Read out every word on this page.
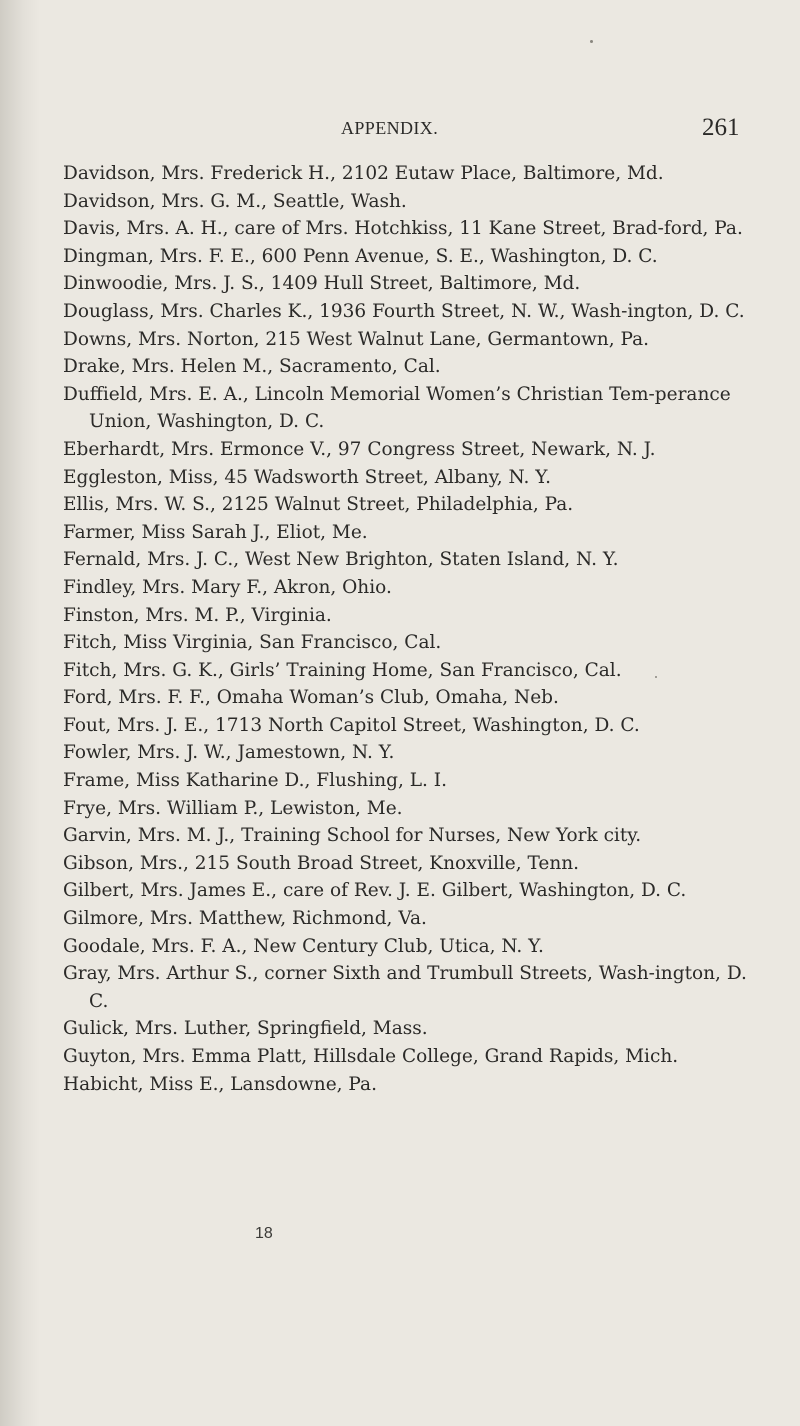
APPENDIX.	261
Davidson, Mrs. Frederick H., 2102 Eutaw Place, Baltimore, Md.
Davidson, Mrs. G. M., Seattle, Wash.
Davis, Mrs. A. H., care of Mrs. Hotchkiss, 11 Kane Street, Brad-ford, Pa.
Dingman, Mrs. F. E., 600 Penn Avenue, S. E., Washington, D. C.
Dinwoodie, Mrs. J. S., 1409 Hull Street, Baltimore, Md.
Douglass, Mrs. Charles K., 1936 Fourth Street, N. W., Wash-ington, D. C.
Downs, Mrs. Norton, 215 West Walnut Lane, Germantown, Pa.
Drake, Mrs. Helen M., Sacramento, Cal.
Duffield, Mrs. E. A., Lincoln Memorial Women’s Christian Tem-perance Union, Washington, D. C.
Eberhardt, Mrs. Ermonce V., 97 Congress Street, Newark, N. J.
Eggleston, Miss, 45 Wadsworth Street, Albany, N. Y.
Ellis, Mrs. W. S., 2125 Walnut Street, Philadelphia, Pa.
Farmer, Miss Sarah J., Eliot, Me.
Fernald, Mrs. J. C., West New Brighton, Staten Island, N. Y.
Findley, Mrs. Mary F., Akron, Ohio.
Finston, Mrs. M. P., Virginia.
Fitch, Miss Virginia, San Francisco, Cal.
Fitch, Mrs. G. K., Girls’ Training Home, San Francisco, Cal.
Ford, Mrs. F. F., Omaha Woman’s Club, Omaha, Neb.
Fout, Mrs. J. E., 1713 North Capitol Street, Washington, D. C.
Fowler, Mrs. J. W., Jamestown, N. Y.
Frame, Miss Katharine D., Flushing, L. I.
Frye, Mrs. William P., Lewiston, Me.
Garvin, Mrs. M. J., Training School for Nurses, New York city.
Gibson, Mrs., 215 South Broad Street, Knoxville, Tenn.
Gilbert, Mrs. James E., care of Rev. J. E. Gilbert, Washington, D. C.
Gilmore, Mrs. Matthew, Richmond, Va.
Goodale, Mrs. F. A., New Century Club, Utica, N. Y.
Gray, Mrs. Arthur S., corner Sixth and Trumbull Streets, Wash-ington, D. C.
Gulick, Mrs. Luther, Springfield, Mass.
Guyton, Mrs. Emma Platt, Hillsdale College, Grand Rapids, Mich.
Habicht, Miss E., Lansdowne, Pa.
18
